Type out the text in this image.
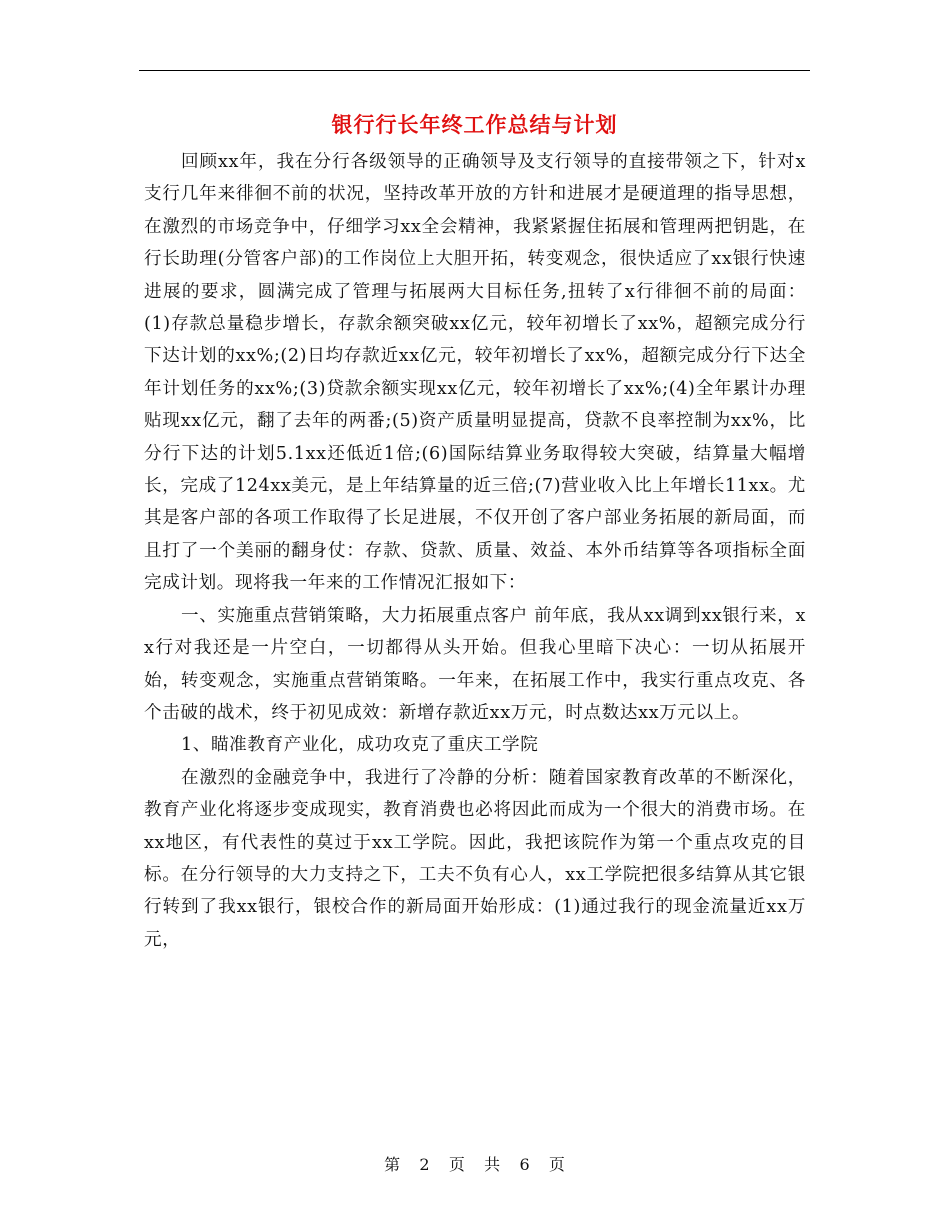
银行行长年终工作总结与计划

回顾xx年，我在分行各级领导的正确领导及支行领导的直接带领之下，针对x支行几年来徘徊不前的状况，坚持改革开放的方针和进展才是硬道理的指导思想，在激烈的市场竞争中，仔细学习xx全会精神，我紧紧握住拓展和管理两把钥匙，在行长助理(分管客户部)的工作岗位上大胆开拓，转变观念，很快适应了xx银行快速进展的要求，圆满完成了管理与拓展两大目标任务,扭转了x行徘徊不前的局面：(1)存款总量稳步增长，存款余额突破xx亿元，较年初增长了xx%，超额完成分行下达计划的xx%;(2)日均存款近xx亿元，较年初增长了xx%，超额完成分行下达全年计划任务的xx%;(3)贷款余额实现xx亿元，较年初增长了xx%;(4)全年累计办理贴现xx亿元，翻了去年的两番;(5)资产质量明显提高，贷款不良率控制为xx%，比分行下达的计划5.1xx还低近1倍;(6)国际结算业务取得较大突破，结算量大幅增长，完成了124xx美元，是上年结算量的近三倍;(7)营业收入比上年增长11xx。尤其是客户部的各项工作取得了长足进展，不仅开创了客户部业务拓展的新局面，而且打了一个美丽的翻身仗：存款、贷款、质量、效益、本外币结算等各项指标全面完成计划。现将我一年来的工作情况汇报如下：

一、实施重点营销策略，大力拓展重点客户 前年底，我从xx调到xx银行来，xx行对我还是一片空白，一切都得从头开始。但我心里暗下决心：一切从拓展开始，转变观念，实施重点营销策略。一年来，在拓展工作中，我实行重点攻克、各个击破的战术，终于初见成效：新增存款近xx万元，时点数达xx万元以上。

1、瞄准教育产业化，成功攻克了重庆工学院

在激烈的金融竞争中，我进行了冷静的分析：随着国家教育改革的不断深化，教育产业化将逐步变成现实，教育消费也必将因此而成为一个很大的消费市场。在xx地区，有代表性的莫过于xx工学院。因此，我把该院作为第一个重点攻克的目标。在分行领导的大力支持之下，工夫不负有心人，xx工学院把很多结算从其它银行转到了我xx银行，银校合作的新局面开始形成：(1)通过我行的现金流量近xx万元，

第 2 页 共 6 页
